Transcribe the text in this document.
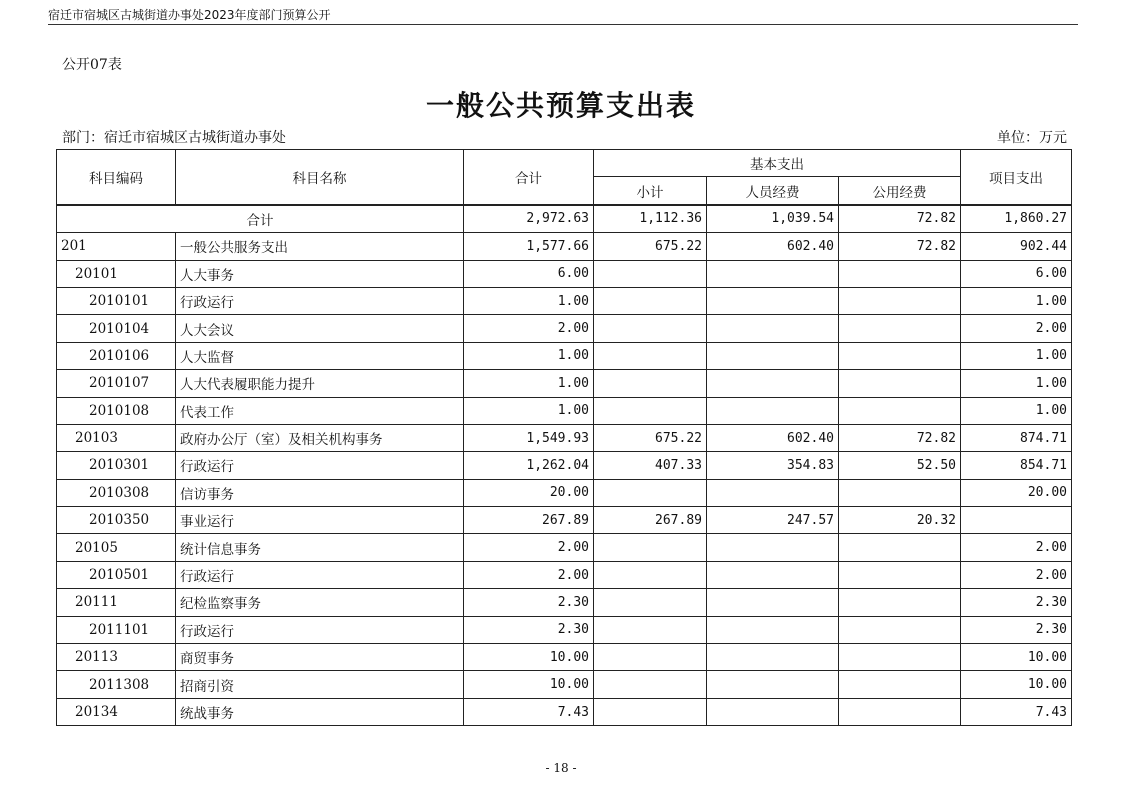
宿迁市宿城区古城街道办事处2023年度部门预算公开
公开07表
一般公共预算支出表
部门：宿迁市宿城区古城街道办事处	单位：万元
科目编码	科目名称	合计	基本支出			项目支出
			小计	人员经费	公用经费	
合计		2,972.63	1,112.36	1,039.54	72.82	1,860.27
201	一般公共服务支出	1,577.66	675.22	602.40	72.82	902.44
20101	人大事务	6.00				6.00
2010101	行政运行	1.00				1.00
2010104	人大会议	2.00				2.00
2010106	人大监督	1.00				1.00
2010107	人大代表履职能力提升	1.00				1.00
2010108	代表工作	1.00				1.00
20103	政府办公厅（室）及相关机构事务	1,549.93	675.22	602.40	72.82	874.71
2010301	行政运行	1,262.04	407.33	354.83	52.50	854.71
2010308	信访事务	20.00				20.00
2010350	事业运行	267.89	267.89	247.57	20.32	
20105	统计信息事务	2.00				2.00
2010501	行政运行	2.00				2.00
20111	纪检监察事务	2.30				2.30
2011101	行政运行	2.30				2.30
20113	商贸事务	10.00				10.00
2011308	招商引资	10.00				10.00
20134	统战事务	7.43				7.43
- 18 -
